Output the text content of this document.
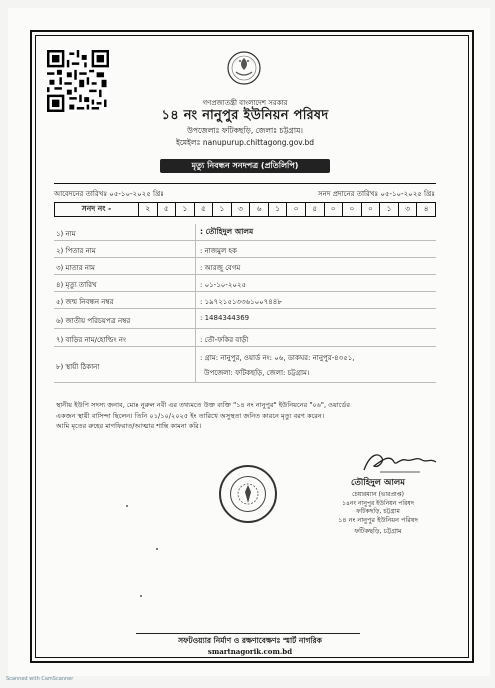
গণপ্রজাতন্ত্রী বাংলাদেশ সরকার
১৪ নং নানুপুর ইউনিয়ন পরিষদ
উপজেলাঃ ফটিকছড়ি, জেলাঃ চট্টগ্রাম।
ইমেইলঃ nanupurup.chittagong.gov.bd
মৃত্যু নিবন্ধন সনদপত্র (প্রতিলিপি)
আবেদনের তারিখঃ ০৫-১০-২০২৫ খ্রিঃ	সনদ প্রদানের তারিখঃ ০৫-১০-২০২৫ খ্রিঃ
সনদ নং -	২	৫	১	৫	১	৩	৬	১	০	৫	০	০	০	১	৩	৪
১) নাম	: তৌহিদুল আলম
২) পিতার নাম	: নাজমুল হক
৩) মাতার নাম	: আরজু বেগম
৪) মৃত্যু তারিখ	: ০১-১০-২০২৫
৫) জন্ম নিবন্ধন নম্বর	: ১৯৭২১৫১৩৩৬১০০৭৪৪৮
৬) জাতীয় পরিচয়পত্র নম্বর	: 1484344369
৭) বাড়ির নাম/হোল্ডিং নং	: তৌ-ফকির বাড়ী
৮) স্থায়ী ঠিকানা
: গ্রাম: নানুপুর, ওয়ার্ড নং: ০৬, ডাকঘর: নানুপুর-৪৩৫১,
উপজেলা: ফটিকছড়ি, জেলা: চট্টগ্রাম।
স্থানীয় ইউপি সদস্য জনাব, মোঃ নুরুল নবী এর তথ্যমতে উক্ত ব্যক্তি "১৪ নং নানুপুর" ইউনিয়নের "০৬", ওয়ার্ডের
একজন স্থায়ী বাসিন্দা ছিলেন। তিনি ০১/১০/২০২৫ ইং তারিখে অসুস্থতা জনিত কারনে মৃত্যু বরণ করেন।
আমি মৃতের রুহের মাগফিরাত/আত্মার শান্তি কামনা করি।
তৌহিদুল আলম
চেয়ারম্যান (ভারপ্রাপ্ত)
১৪নং নানুপুর ইউনিয়ন পরিষদ
ফটিকছড়ি, চট্টগ্রাম
১৪ নং নানুপুর ইউনিয়ন পরিষদ
ফটিকছড়ি, চট্টগ্রাম
সফটওয়্যার নির্মাণ ও রক্ষণাবেক্ষণঃ স্মার্ট নাগরিক
smartnagorik.com.bd
Scanned with CamScanner
